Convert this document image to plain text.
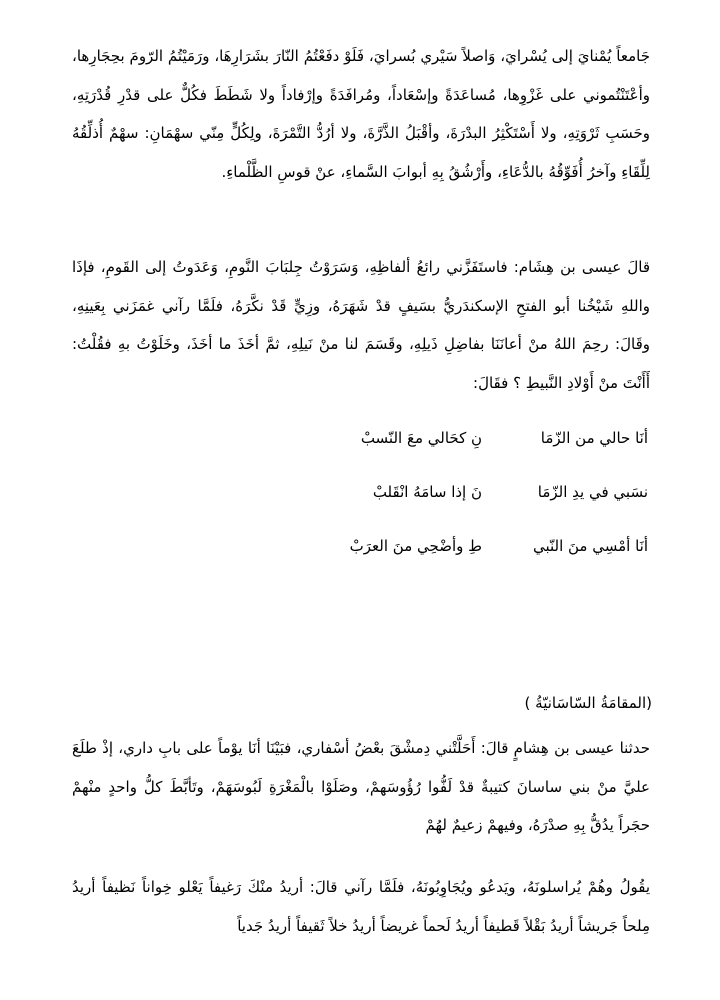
جَامعاً يُمْنايَ إلى يُسْرايَ، وَاصلاً سَيْري بُسرايَ، فَلَوْ دفَعْتُمُ النّارَ بشَرَارِهَا، ورَمَيْتُمُ الرّومَ بحِجَارِها، وأعْتَنْتُموني على غَزْوِها، مُساعَدَةً وإسْعَاداً، ومُرافَدَةً وإرْفاداً ولا شَطَطَ فكُلٌّ على قدْرِ قُدْرَتِهِ، وحَسَبِ ثَرْوَتِهِ، ولا أَسْتَكْثِرُ البدْرَةَ، وأقْبَلُ الذَّرَّةَ، ولا أرُدُّ التَّمْرَةَ، ولِكُلٍّ مِنّي سهْمَانِ: سهْمٌ أُذلِّقُهُ لِلِّقَاءِ وآخرُ أُفَوِّقُهُ بالدُّعَاءِ، وأَرْشُقُ بِهِ أبوابَ السَّماءِ، عنْ قوسِ الظَّلْماءِ.

قالَ عيسى بن هِشَام: فاستَفَزَّني رائعُ ألفاظِهِ، وَسَرَوْتُ جِلبَابَ النَّومِ، وَعَدَوتُ إلى القَومِ، فإذَا واللهِ شَيْخُنا أبو الفتحِ الإسكندَريُّ بسَيفٍ قدْ شَهَرَهُ، وزِيٍّ قَدْ نكَّرَهُ، فلَمَّا رآني غمَزَني بِعَينِهِ، وقَالَ: رحِمَ اللهُ منْ أعانَنَا بفاضِلِ ذَيلِهِ، وقَسَمَ لنا منْ نَيلِهِ، ثمَّ أخَذَ ما أخَذَ، وخَلَوْتُ بهِ فقُلْتُ: أَأَنْتَ منْ أَوْلادِ النَّبيطِ ؟ فقَالَ:

أنَا حالي من الزّمَانِ كحَالي معَ النّسبْ
نسَبي في يدِ الزّمَانَ إذا سامَهُ انْقَلبْ
أنَا أمْسِي منَ النّبيطِ وأضْحِي منَ العرَبْ
(المقامَةُ السّاسَانيّةُ )

حدثنا عيسى بن هِشامٍ قالَ: أَحَلَّتْني دِمشْقَ بعْضُ أسْفاري، فبَيْنَا أنَا يوْماً على بابِ داري، إذْ طلَعَ عليَّ منْ بني ساسانَ كتيبةٌ قدْ لَفُّوا رُؤُوسَهمْ، وصَلَوْا بالْمَغْرَةِ لَبُوسَهَمْ، وتَأبَّطَ كلُّ واحدٍ منْهمْ حجَراً يدُقُّ بِهِ صدْرَهُ، وفيهمْ زعيمٌ لهُمْ

يقُولُ وهُمْ يُراسلونَهُ، ويَدعُو ويُجَاوِبُونَهُ، فلَمَّا رآني قالَ: أريدُ منْكَ رَغيفاً يَعْلو خِواناً نَظيفاً أريدُ مِلحاً جَريشاً أريدُ بَقْلاً قَطيفاً أريدُ لَحماً غريضاً أريدُ خلاً ثَقيفاً أريدُ جَدياً
